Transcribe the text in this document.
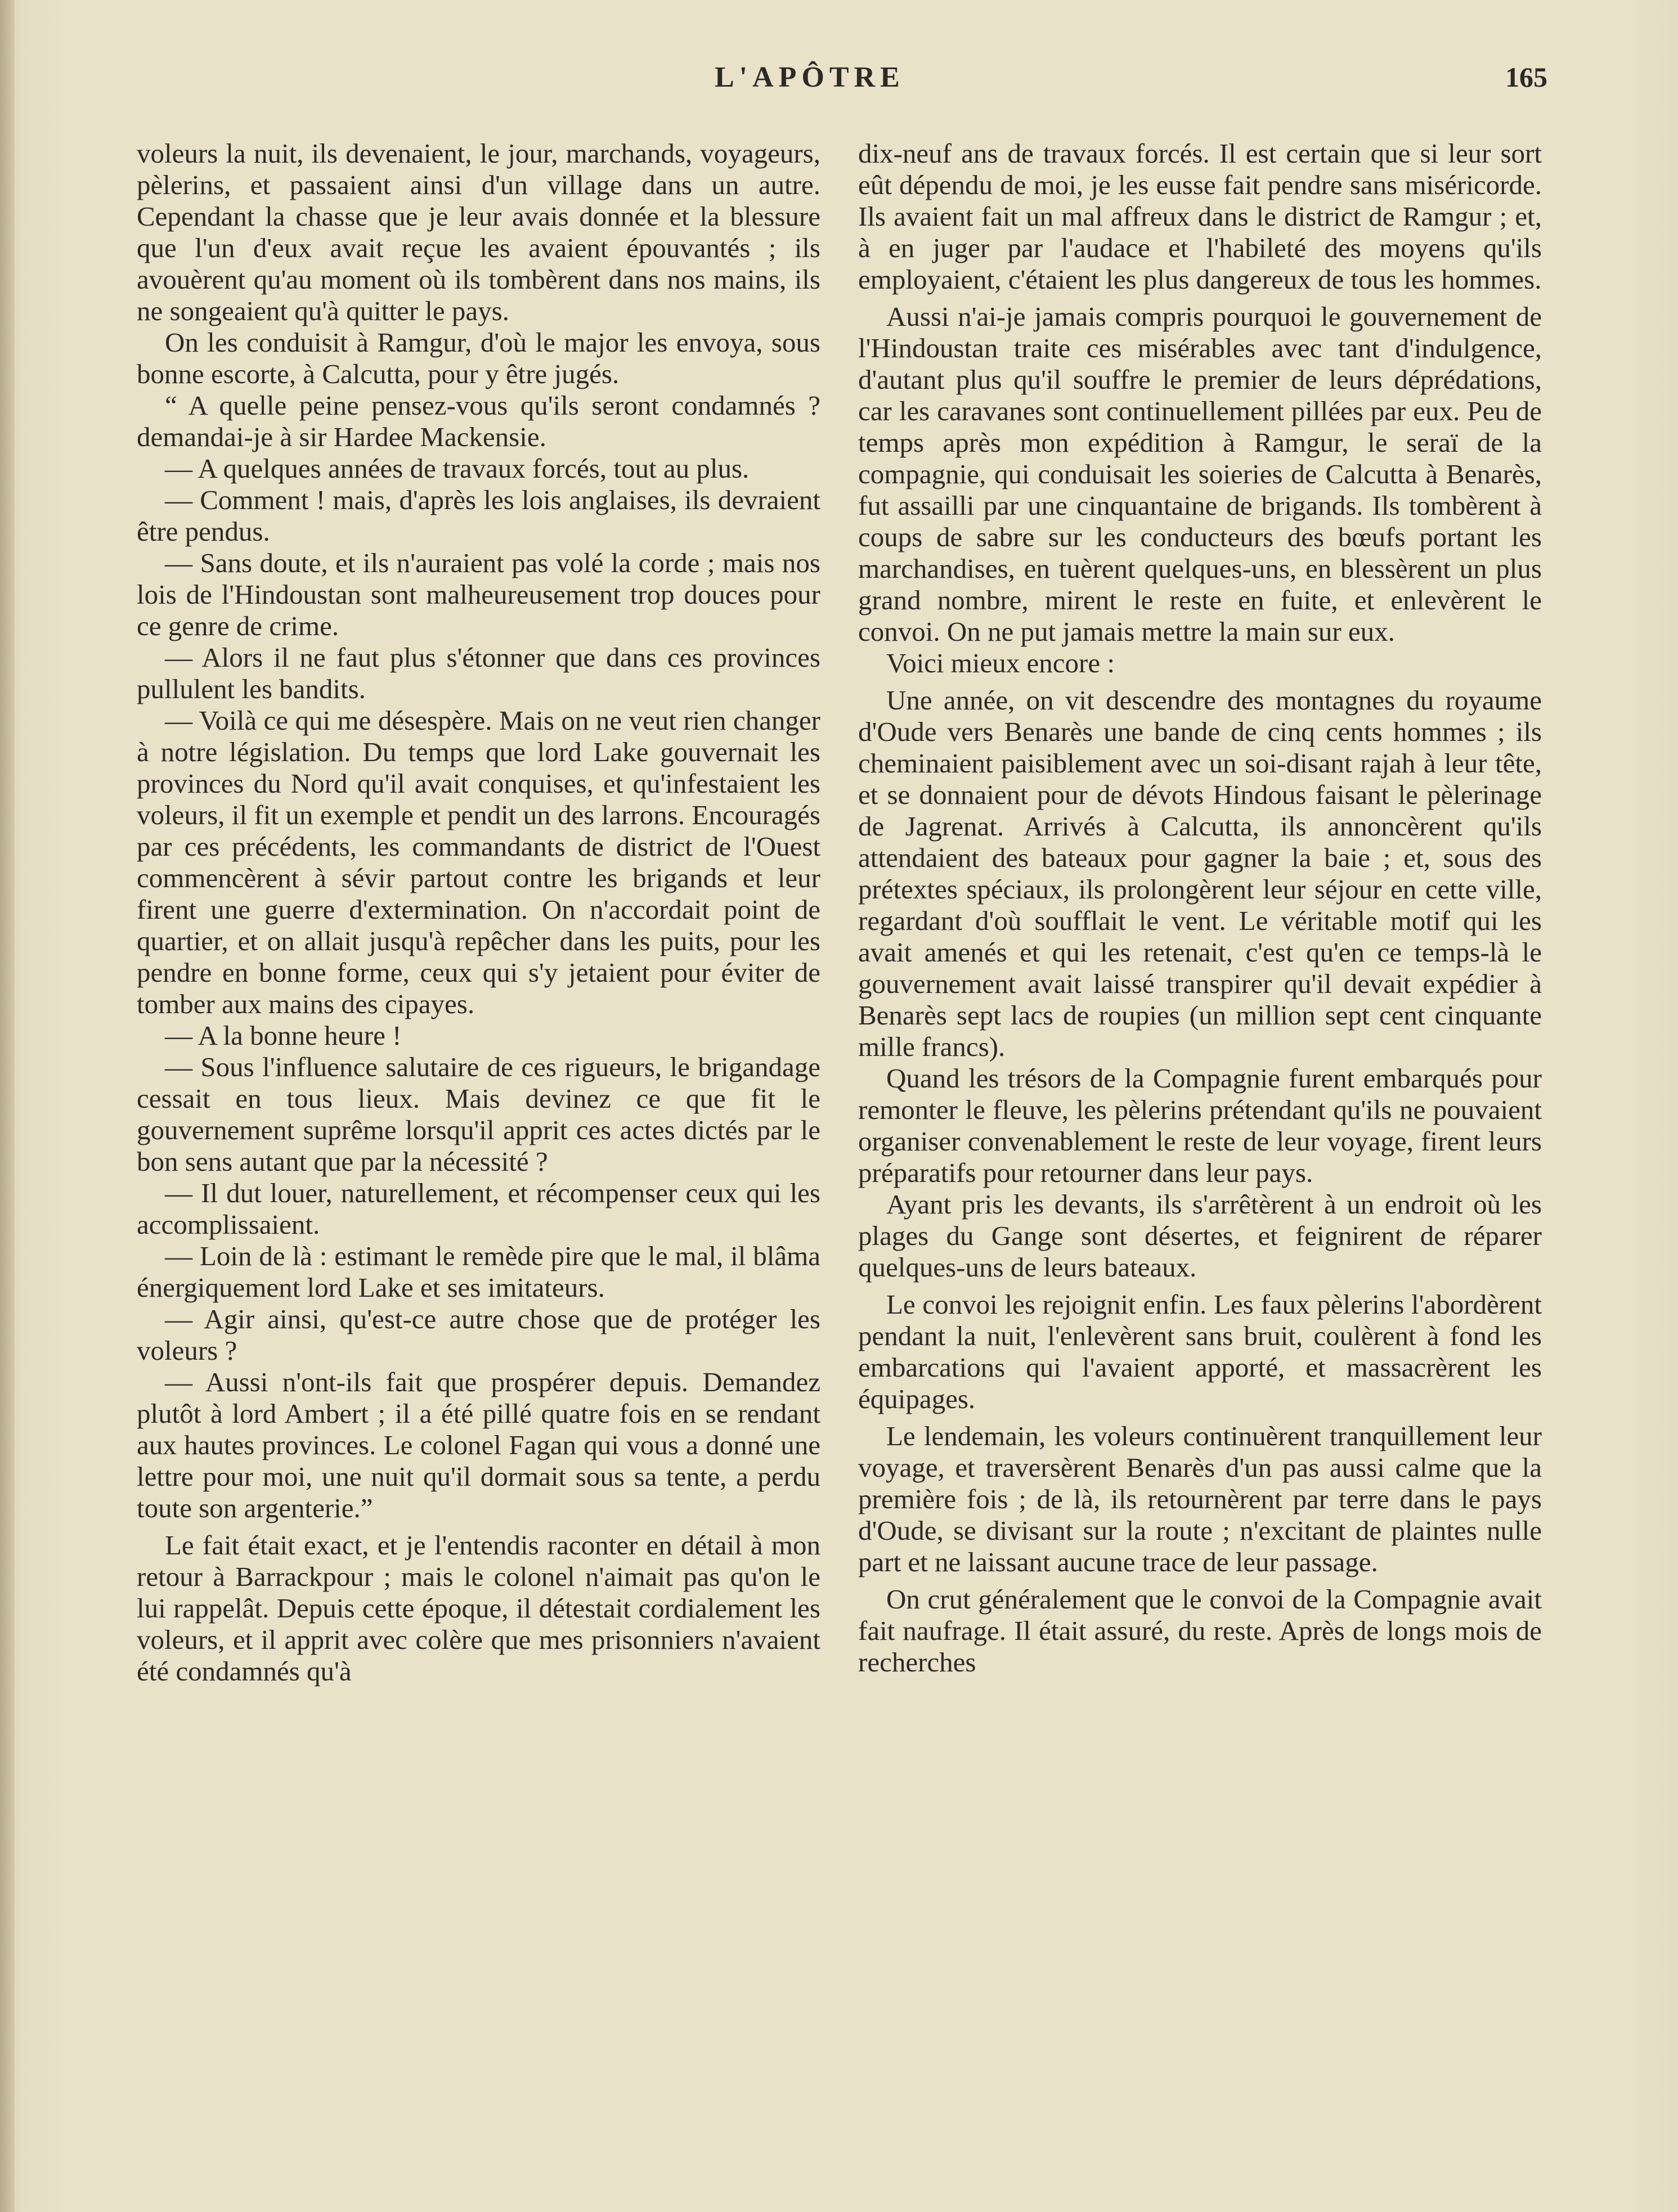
L'APÔTRE	165

voleurs la nuit, ils devenaient, le jour, marchands, voyageurs, pèlerins, et passaient ainsi d'un village dans un autre. Cependant la chasse que je leur avais donnée et la blessure que l'un d'eux avait reçue les avaient épouvantés ; ils avouèrent qu'au moment où ils tombèrent dans nos mains, ils ne songeaient qu'à quitter le pays.

On les conduisit à Ramgur, d'où le major les envoya, sous bonne escorte, à Calcutta, pour y être jugés.

“ A quelle peine pensez-vous qu'ils seront condamnés ? demandai-je à sir Hardee Mackensie.

— A quelques années de travaux forcés, tout au plus.

— Comment ! mais, d'après les lois anglaises, ils devraient être pendus.

— Sans doute, et ils n'auraient pas volé la corde ; mais nos lois de l'Hindoustan sont malheureusement trop douces pour ce genre de crime.

— Alors il ne faut plus s'étonner que dans ces provinces pullulent les bandits.

— Voilà ce qui me désespère. Mais on ne veut rien changer à notre législation. Du temps que lord Lake gouvernait les provinces du Nord qu'il avait conquises, et qu'infestaient les voleurs, il fit un exemple et pendit un des larrons. Encouragés par ces précédents, les commandants de district de l'Ouest commencèrent à sévir partout contre les brigands et leur firent une guerre d'extermination. On n'accordait point de quartier, et on allait jusqu'à repêcher dans les puits, pour les pendre en bonne forme, ceux qui s'y jetaient pour éviter de tomber aux mains des cipayes.

— A la bonne heure !

— Sous l'influence salutaire de ces rigueurs, le brigandage cessait en tous lieux. Mais devinez ce que fit le gouvernement suprême lorsqu'il apprit ces actes dictés par le bon sens autant que par la nécessité ?

— Il dut louer, naturellement, et récompenser ceux qui les accomplissaient.

— Loin de là : estimant le remède pire que le mal, il blâma énergiquement lord Lake et ses imitateurs.

— Agir ainsi, qu'est-ce autre chose que de protéger les voleurs ?

— Aussi n'ont-ils fait que prospérer depuis. Demandez plutôt à lord Ambert ; il a été pillé quatre fois en se rendant aux hautes provinces. Le colonel Fagan qui vous a donné une lettre pour moi, une nuit qu'il dormait sous sa tente, a perdu toute son argenterie.”

Le fait était exact, et je l'entendis raconter en détail à mon retour à Barrackpour ; mais le colonel n'aimait pas qu'on le lui rappelât. Depuis cette époque, il détestait cordialement les voleurs, et il apprit avec colère que mes prisonniers n'avaient été condamnés qu'à

dix-neuf ans de travaux forcés. Il est certain que si leur sort eût dépendu de moi, je les eusse fait pendre sans miséricorde. Ils avaient fait un mal affreux dans le district de Ramgur ; et, à en juger par l'audace et l'habileté des moyens qu'ils employaient, c'étaient les plus dangereux de tous les hommes.

Aussi n'ai-je jamais compris pourquoi le gouvernement de l'Hindoustan traite ces misérables avec tant d'indulgence, d'autant plus qu'il souffre le premier de leurs déprédations, car les caravanes sont continuellement pillées par eux. Peu de temps après mon expédition à Ramgur, le seraï de la compagnie, qui conduisait les soieries de Calcutta à Benarès, fut assailli par une cinquantaine de brigands. Ils tombèrent à coups de sabre sur les conducteurs des bœufs portant les marchandises, en tuèrent quelques-uns, en blessèrent un plus grand nombre, mirent le reste en fuite, et enlevèrent le convoi. On ne put jamais mettre la main sur eux.

Voici mieux encore :

Une année, on vit descendre des montagnes du royaume d'Oude vers Benarès une bande de cinq cents hommes ; ils cheminaient paisiblement avec un soi-disant rajah à leur tête, et se donnaient pour de dévots Hindous faisant le pèlerinage de Jagrenat. Arrivés à Calcutta, ils annoncèrent qu'ils attendaient des bateaux pour gagner la baie ; et, sous des prétextes spéciaux, ils prolongèrent leur séjour en cette ville, regardant d'où soufflait le vent. Le véritable motif qui les avait amenés et qui les retenait, c'est qu'en ce temps-là le gouvernement avait laissé transpirer qu'il devait expédier à Benarès sept lacs de roupies (un million sept cent cinquante mille francs).

Quand les trésors de la Compagnie furent embarqués pour remonter le fleuve, les pèlerins prétendant qu'ils ne pouvaient organiser convenablement le reste de leur voyage, firent leurs préparatifs pour retourner dans leur pays.

Ayant pris les devants, ils s'arrêtèrent à un endroit où les plages du Gange sont désertes, et feignirent de réparer quelques-uns de leurs bateaux.

Le convoi les rejoignit enfin. Les faux pèlerins l'abordèrent pendant la nuit, l'enlevèrent sans bruit, coulèrent à fond les embarcations qui l'avaient apporté, et massacrèrent les équipages.

Le lendemain, les voleurs continuèrent tranquillement leur voyage, et traversèrent Benarès d'un pas aussi calme que la première fois ; de là, ils retournèrent par terre dans le pays d'Oude, se divisant sur la route ; n'excitant de plaintes nulle part et ne laissant aucune trace de leur passage.

On crut généralement que le convoi de la Compagnie avait fait naufrage. Il était assuré, du reste. Après de longs mois de recherches
